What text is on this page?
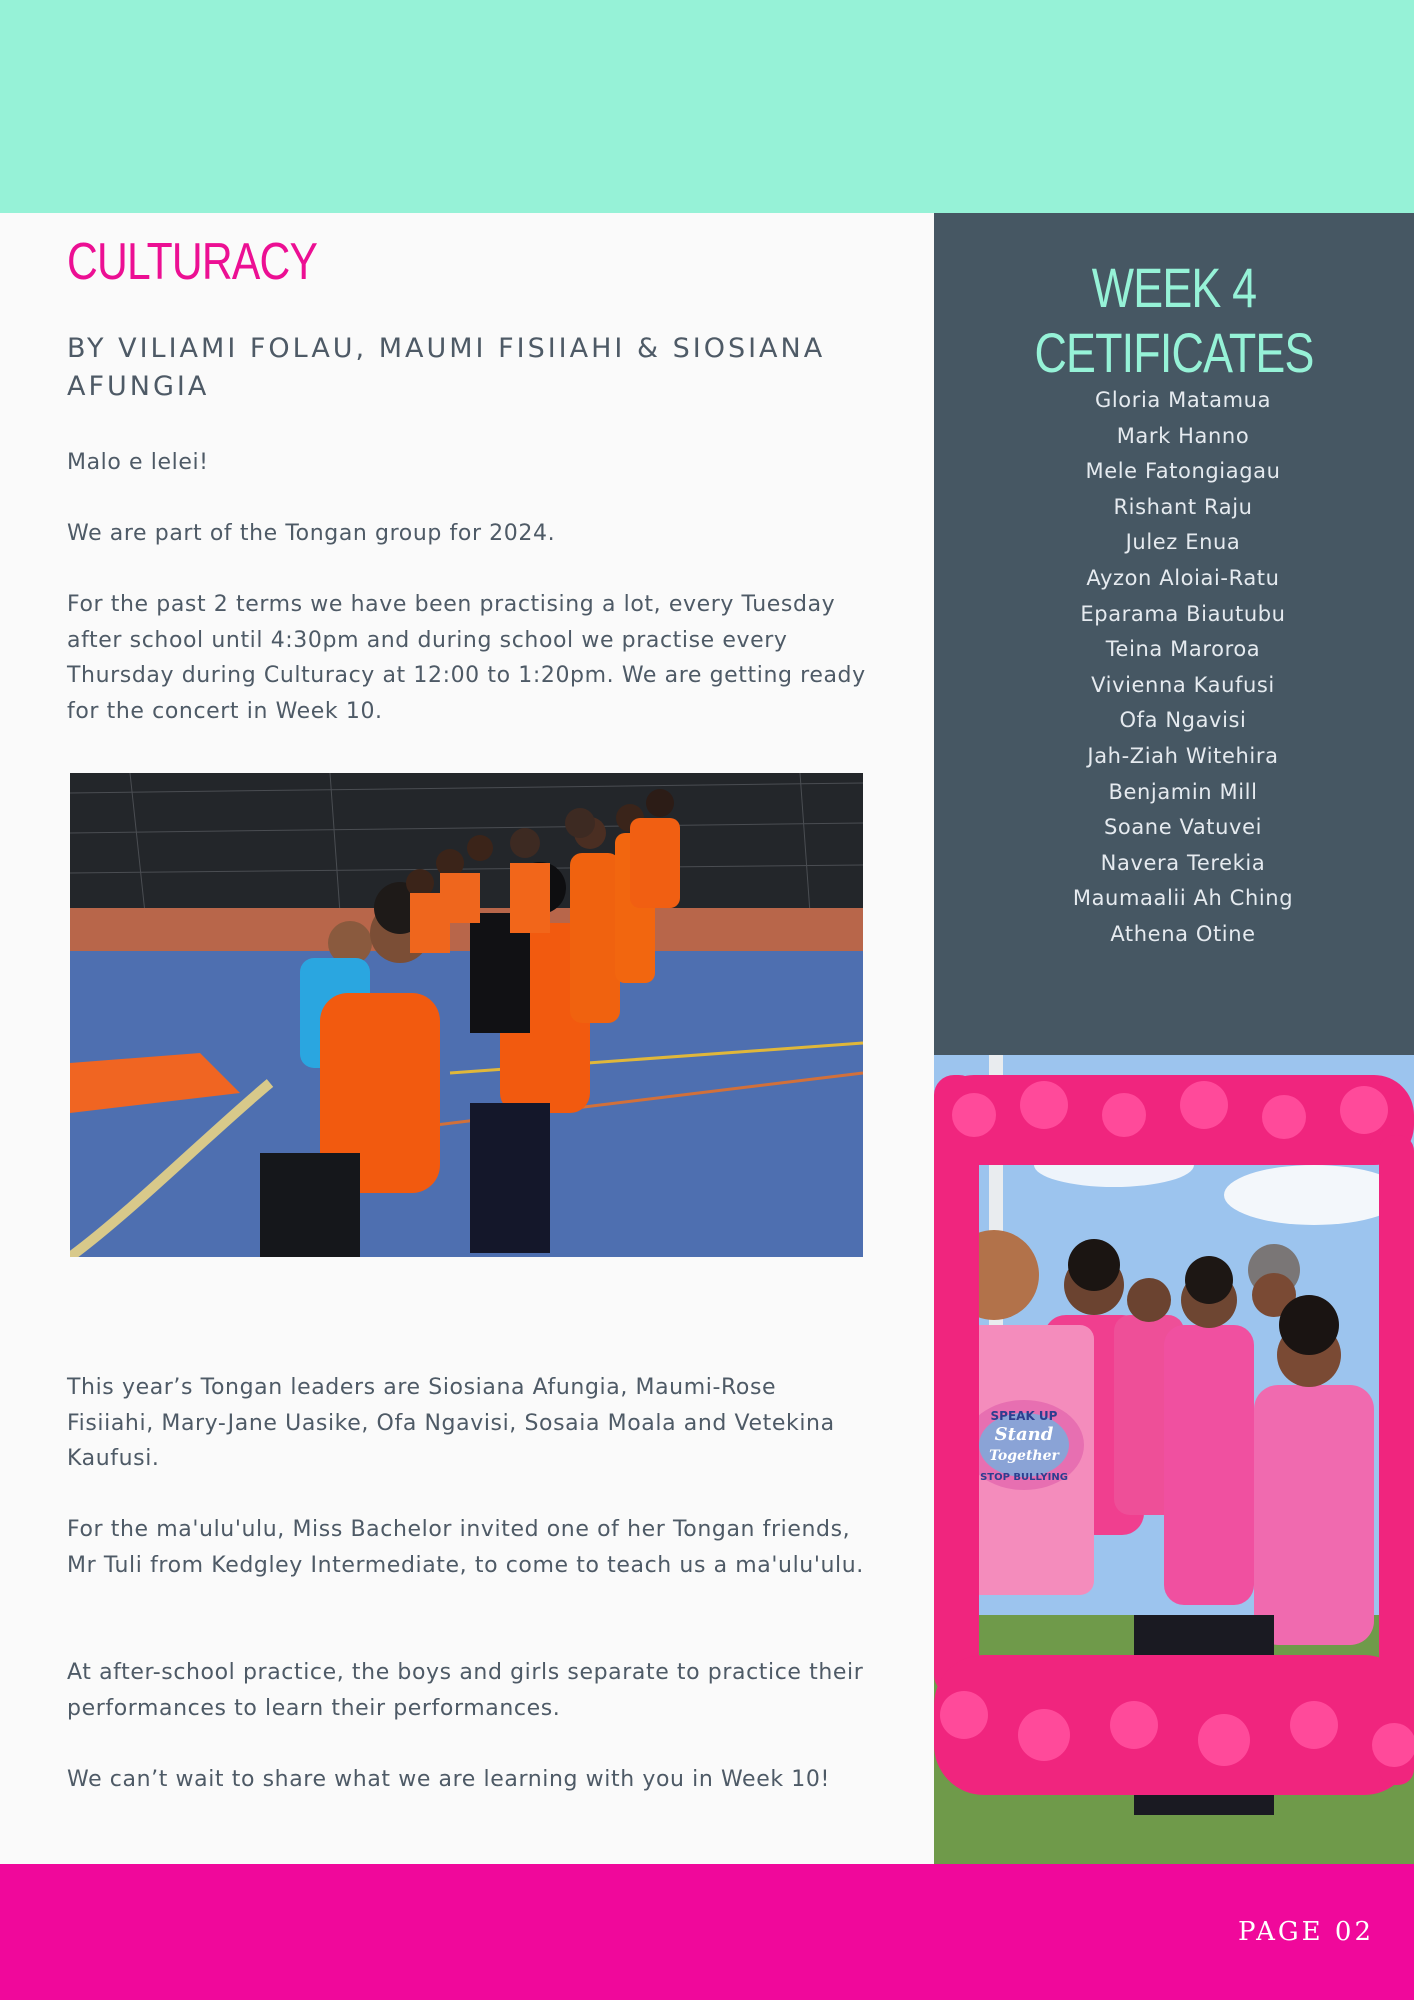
CULTURACY
BY VILIAMI FOLAU, MAUMI FISIIAHI & SIOSIANA AFUNGIA

Malo e lelei!

We are part of the Tongan group for 2024.

For the past 2 terms we have been practising a lot, every Tuesday after school until 4:30pm and during school we practise every Thursday during Culturacy at 12:00 to 1:20pm. We are getting ready for the concert in Week 10.

This year’s Tongan leaders are Siosiana Afungia, Maumi-Rose Fisiiahi, Mary-Jane Uasike, Ofa Ngavisi, Sosaia Moala and Vetekina Kaufusi.

For the ma'ulu'ulu, Miss Bachelor invited one of her Tongan friends, Mr Tuli from Kedgley Intermediate, to come to teach us a ma'ulu'ulu.

At after-school practice, the boys and girls separate to practice their performances to learn their performances.

We can’t wait to share what we are learning with you in Week 10!

WEEK 4 CETIFICATES
Gloria Matamua
Mark Hanno
Mele Fatongiagau
Rishant Raju
Julez Enua
Ayzon Aloiai-Ratu
Eparama Biautubu
Teina Maroroa
Vivienna Kaufusi
Ofa Ngavisi
Jah-Ziah Witehira
Benjamin Mill
Soane Vatuvei
Navera Terekia
Maumaalii Ah Ching
Athena Otine
SPEAK UP
Stand
Together
STOP BULLYING
PAGE 02
